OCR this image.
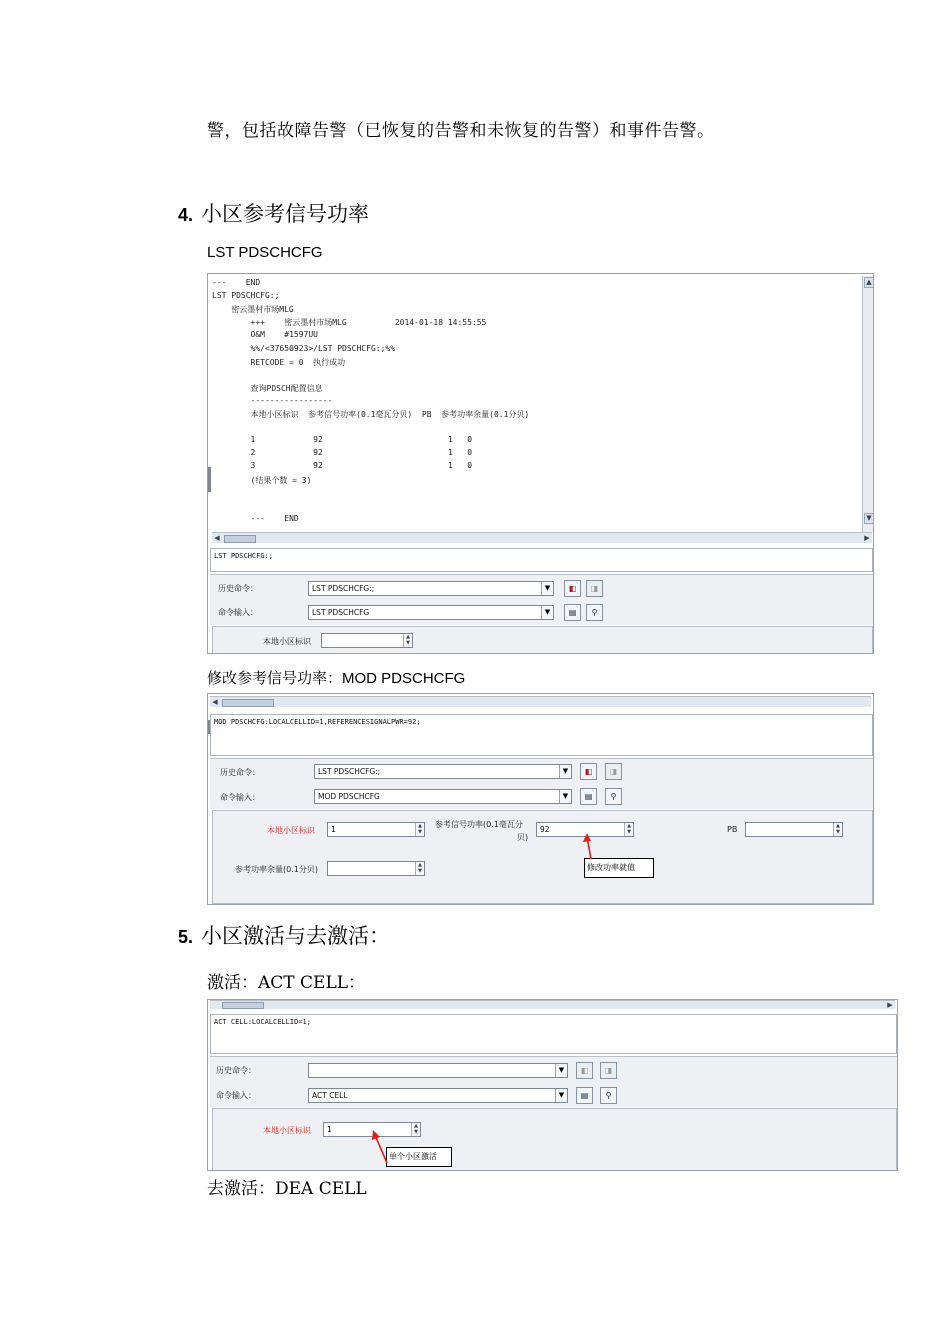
警，包括故障告警（已恢复的告警和未恢复的告警）和事件告警。
4. 小区参考信号功率
LST PDSCHCFG
---    END
LST PDSCHCFG:;
密云墨村市场MLG
+++    密云墨村市场MLG          2014-01-18 14:55:55
O&M    #1597UU
%%/<37650923>/LST PDSCHCFG:;%%
RETCODE = 0  执行成功
查询PDSCH配置信息
-----------------
本地小区标识  参考信号功率(0.1毫瓦分贝)  PB  参考功率余量(0.1分贝)
1            92                          1   0
2            92                          1   0
3            92                          1   0
(结果个数 = 3)
---    END
▲
▼
◀	▶
LST PDSCHCFG:;
历史命令：	LST PDSCHCFG:;	▼	◧	◨
命令输入：	LST PDSCHCFG	▼	▤	⚲
本地小区标识	▲
▼
修改参考信号功率：MOD PDSCHCFG
◀
MOD PDSCHCFG:LOCALCELLID=1,REFERENCESIGNALPWR=92;
历史命令：	LST PDSCHCFG:;	▼	◧	◨
命令输入：	MOD PDSCHCFG	▼	▤	⚲
本地小区标识 1	▲
▼
参考信号功率(0.1毫瓦分
贝)
92	▲
▼	PB	▲
▼
参考功率余量(0.1分贝)	▲
▼	修改功率就值
5. 小区激活与去激活：
激活：ACT CELL：
▶
ACT CELL:LOCALCELLID=1;
历史命令：	▼	◧	◨
命令输入：	ACT CELL	▼	▤	⚲
本地小区标识 1	▲
▼
单个小区激活
去激活：DEA CELL
